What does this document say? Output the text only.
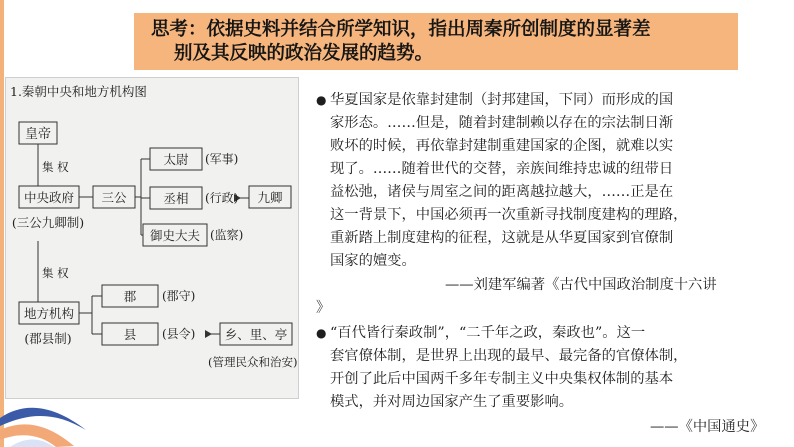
思考：依据史料并结合所学知识，指出周秦所创制度的显著差
别及其反映的政治发展的趋势。
1.秦朝中央和地方机构图
皇帝
集 权
中央政府
(三公九卿制)
三公
太尉 (军事)
丞相 (行政)
御史大夫 (监察)
九卿
集 权
地方机构
(郡县制)
郡 (郡守)
县 (县令) 乡、里、亭
(管理民众和治安)
● 华夏国家是依靠封建制（封邦建国，下同）而形成的国
家形态。……但是，随着封建制赖以存在的宗法制日渐
败坏的时候，再依靠封建制重建国家的企图，就难以实
现了。……随着世代的交替，亲族间维持忠诚的纽带日
益松弛，诸侯与周室之间的距离越拉越大，……正是在
这一背景下，中国必须再一次重新寻找制度建构的理路，
重新踏上制度建构的征程，这就是从华夏国家到官僚制
国家的嬗变。
——刘建军编著《古代中国政治制度十六讲
》
● “百代皆行秦政制”，“二千年之政，秦政也”。这一
套官僚体制，是世界上出现的最早、最完备的官僚体制，
开创了此后中国两千多年专制主义中央集权体制的基本
模式，并对周边国家产生了重要影响。
——《中国通史》
